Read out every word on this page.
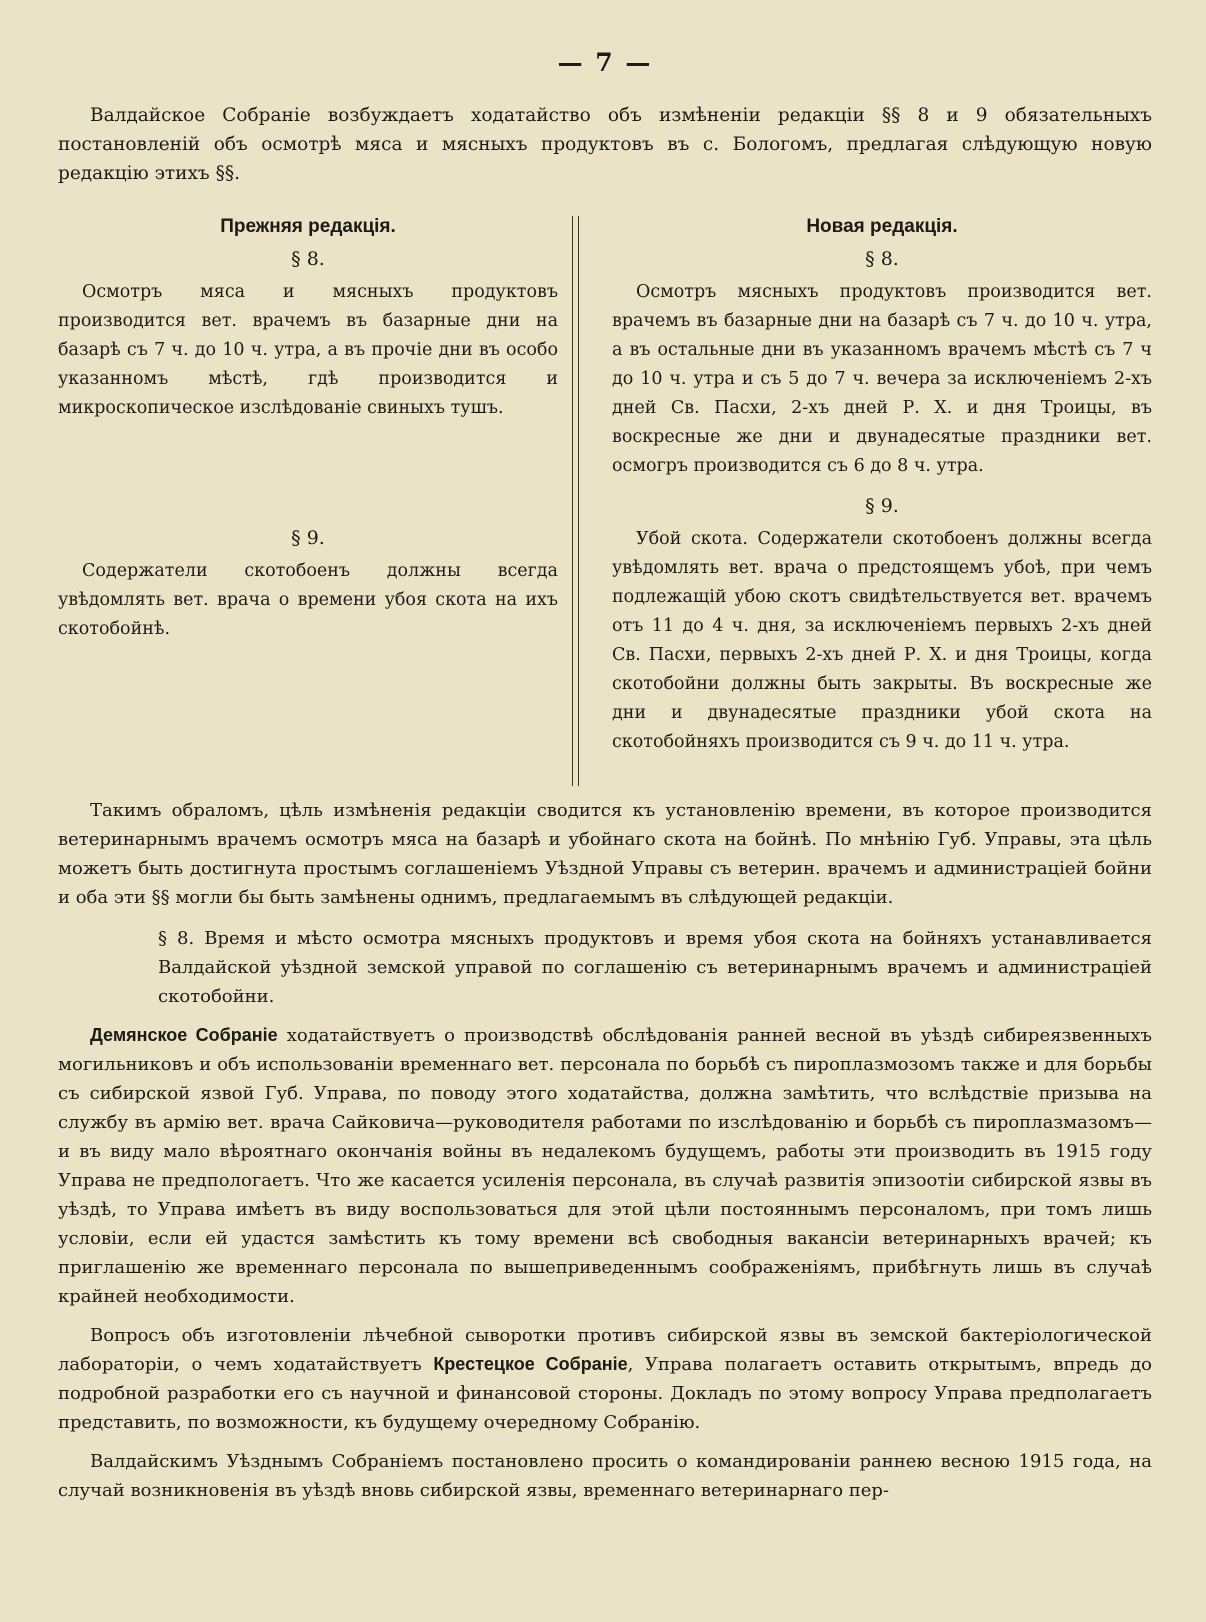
— 7 —

Валдайское Собраніе возбуждаетъ ходатайство объ измѣненіи редакціи §§ 8 и 9 обязательныхъ постановленій объ осмотрѣ мяса и мясныхъ продуктовъ въ с. Бологомъ, предлагая слѣдующую новую редакцію этихъ §§.

Прежняя редакція.
§ 8.

Осмотръ мяса и мясныхъ продуктовъ производится вет. врачемъ въ базарные дни на базарѣ съ 7 ч. до 10 ч. утра, а въ прочіе дни въ особо указанномъ мѣстѣ, гдѣ производится и микроскопическое изслѣдованіе свиныхъ тушъ.

§ 9.

Содержатели скотобоенъ должны всегда увѣдомлять вет. врача о времени убоя скота на ихъ скотобойнѣ.

Новая редакція.
§ 8.

Осмотръ мясныхъ продуктовъ производится вет. врачемъ въ базарные дни на базарѣ съ 7 ч. до 10 ч. утра, а въ остальные дни въ указанномъ врачемъ мѣстѣ съ 7 ч до 10 ч. утра и съ 5 до 7 ч. вечера за исключеніемъ 2-хъ дней Св. Пасхи, 2-хъ дней Р. Х. и дня Троицы, въ воскресные же дни и двунадесятые праздники вет. осмогръ производится съ 6 до 8 ч. утра.

§ 9.

Убой скота. Содержатели скотобоенъ должны всегда увѣдомлять вет. врача о предстоящемъ убоѣ, при чемъ подлежащій убою скотъ свидѣтельствуется вет. врачемъ отъ 11 до 4 ч. дня, за исключеніемъ первыхъ 2-хъ дней Св. Пасхи, первыхъ 2-хъ дней Р. Х. и дня Троицы, когда скотобойни должны быть закрыты. Въ воскресные же дни и двунадесятые праздники убой скота на скотобойняхъ производится съ 9 ч. до 11 ч. утра.

Такимъ обраломъ, цѣль измѣненія редакціи сводится къ установленію времени, въ которое производится ветеринарнымъ врачемъ осмотръ мяса на базарѣ и убойнаго скота на бойнѣ. По мнѣнію Губ. Управы, эта цѣль можетъ быть достигнута простымъ соглашеніемъ Уѣздной Управы съ ветерин. врачемъ и администраціей бойни и оба эти §§ могли бы быть замѣнены однимъ, предлагаемымъ въ слѣдующей редакціи.

§ 8. Время и мѣсто осмотра мясныхъ продуктовъ и время убоя скота на бойняхъ устанавливается Валдайской уѣздной земской управой по соглашенію съ ветеринарнымъ врачемъ и администраціей скотобойни.

Демянское Собраніе ходатайствуетъ о производствѣ обслѣдованія ранней весной въ уѣздѣ сибиреязвенныхъ могильниковъ и объ использованіи временнаго вет. персонала по борьбѣ съ пироплазмозомъ также и для борьбы съ сибирской язвой Губ. Управа, по поводу этого ходатайства, должна замѣтить, что вслѣдствіе призыва на службу въ армію вет. врача Сайковича—руководителя работами по изслѣдованію и борьбѣ съ пироплазмазомъ—и въ виду мало вѣроятнаго окончанія войны въ недалекомъ будущемъ, работы эти производить въ 1915 году Управа не предпологаетъ. Что же касается усиленія персонала, въ случаѣ развитія эпизоотіи сибирской язвы въ уѣздѣ, то Управа имѣетъ въ виду воспользоваться для этой цѣли постояннымъ персоналомъ, при томъ лишь условіи, если ей удастся замѣстить къ тому времени всѣ свободныя вакансіи ветеринарныхъ врачей; къ приглашенію же временнаго персонала по вышеприведеннымъ соображеніямъ, прибѣгнуть лишь въ случаѣ крайней необходимости.

Вопросъ объ изготовленіи лѣчебной сыворотки противъ сибирской язвы въ земской бактеріологической лабораторіи, о чемъ ходатайствуетъ Крестецкое Собраніе, Управа полагаетъ оставить открытымъ, впредь до подробной разработки его съ научной и финансовой стороны. Докладъ по этому вопросу Управа предполагаетъ представить, по возможности, къ будущему очередному Собранію.

Валдайскимъ Уѣзднымъ Собраніемъ постановлено просить о командированіи раннею весною 1915 года, на случай возникновенія въ уѣздѣ вновь сибирской язвы, временнаго ветеринарнаго пер-
